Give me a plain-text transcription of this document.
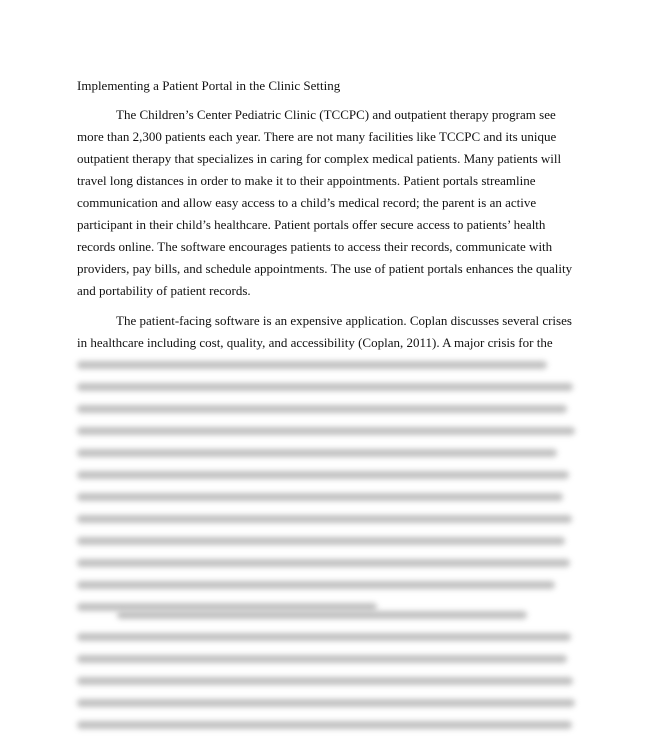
Implementing a Patient Portal in the Clinic Setting
The Children’s Center Pediatric Clinic (TCCPC) and outpatient therapy program see
more than 2,300 patients each year. There are not many facilities like TCCPC and its unique
outpatient therapy that specializes in caring for complex medical patients. Many patients will
travel long distances in order to make it to their appointments. Patient portals streamline
communication and allow easy access to a child’s medical record; the parent is an active
participant in their child’s healthcare. Patient portals offer secure access to patients’ health
records online. The software encourages patients to access their records, communicate with
providers, pay bills, and schedule appointments. The use of patient portals enhances the quality
and portability of patient records.
The patient-facing software is an expensive application. Coplan discusses several crises
in healthcare including cost, quality, and accessibility (Coplan, 2011). A major crisis for the
